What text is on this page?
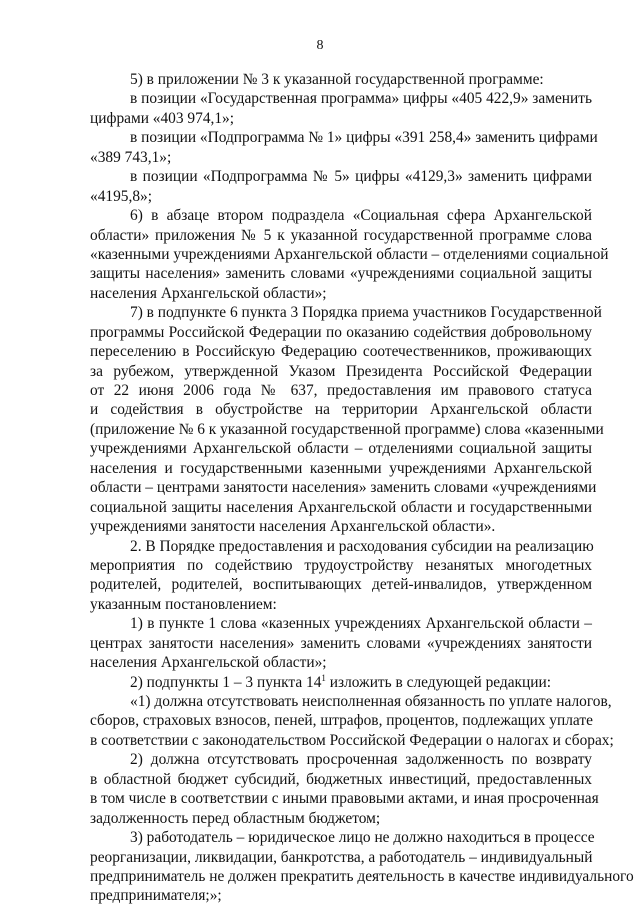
8
5) в приложении № 3 к указанной государственной программе:
в позиции «Государственная программа» цифры «405 422,9» заменить
цифрами «403 974,1»;
в позиции «Подпрограмма № 1» цифры «391 258,4» заменить цифрами
«389 743,1»;
в позиции «Подпрограмма № 5» цифры «4129,3» заменить цифрами
«4195,8»;
6) в абзаце втором подраздела «Социальная сфера Архангельской
области» приложения № 5 к указанной государственной программе слова
«казенными учреждениями Архангельской области – отделениями социальной
защиты населения» заменить словами «учреждениями социальной защиты
населения Архангельской области»;
7) в подпункте 6 пункта 3 Порядка приема участников Государственной
программы Российской Федерации по оказанию содействия добровольному
переселению в Российскую Федерацию соотечественников, проживающих
за рубежом, утвержденной Указом Президента Российской Федерации
от 22 июня 2006 года № 637, предоставления им правового статуса
и содействия в обустройстве на территории Архангельской области
(приложение № 6 к указанной государственной программе) слова «казенными
учреждениями Архангельской области – отделениями социальной защиты
населения и государственными казенными учреждениями Архангельской
области – центрами занятости населения» заменить словами «учреждениями
социальной защиты населения Архангельской области и государственными
учреждениями занятости населения Архангельской области».
2. В Порядке предоставления и расходования субсидии на реализацию
мероприятия по содействию трудоустройству незанятых многодетных
родителей, родителей, воспитывающих детей-инвалидов, утвержденном
указанным постановлением:
1) в пункте 1 слова «казенных учреждениях Архангельской области –
центрах занятости населения» заменить словами «учреждениях занятости
населения Архангельской области»;
2) подпункты 1 – 3 пункта $14^1$ изложить в следующей редакции:
«1) должна отсутствовать неисполненная обязанность по уплате налогов,
сборов, страховых взносов, пеней, штрафов, процентов, подлежащих уплате
в соответствии с законодательством Российской Федерации о налогах и сборах;
2) должна отсутствовать просроченная задолженность по возврату
в областной бюджет субсидий, бюджетных инвестиций, предоставленных
в том числе в соответствии с иными правовыми актами, и иная просроченная
задолженность перед областным бюджетом;
3) работодатель – юридическое лицо не должно находиться в процессе
реорганизации, ликвидации, банкротства, а работодатель – индивидуальный
предприниматель не должен прекратить деятельность в качестве индивидуального
предпринимателя;»;
